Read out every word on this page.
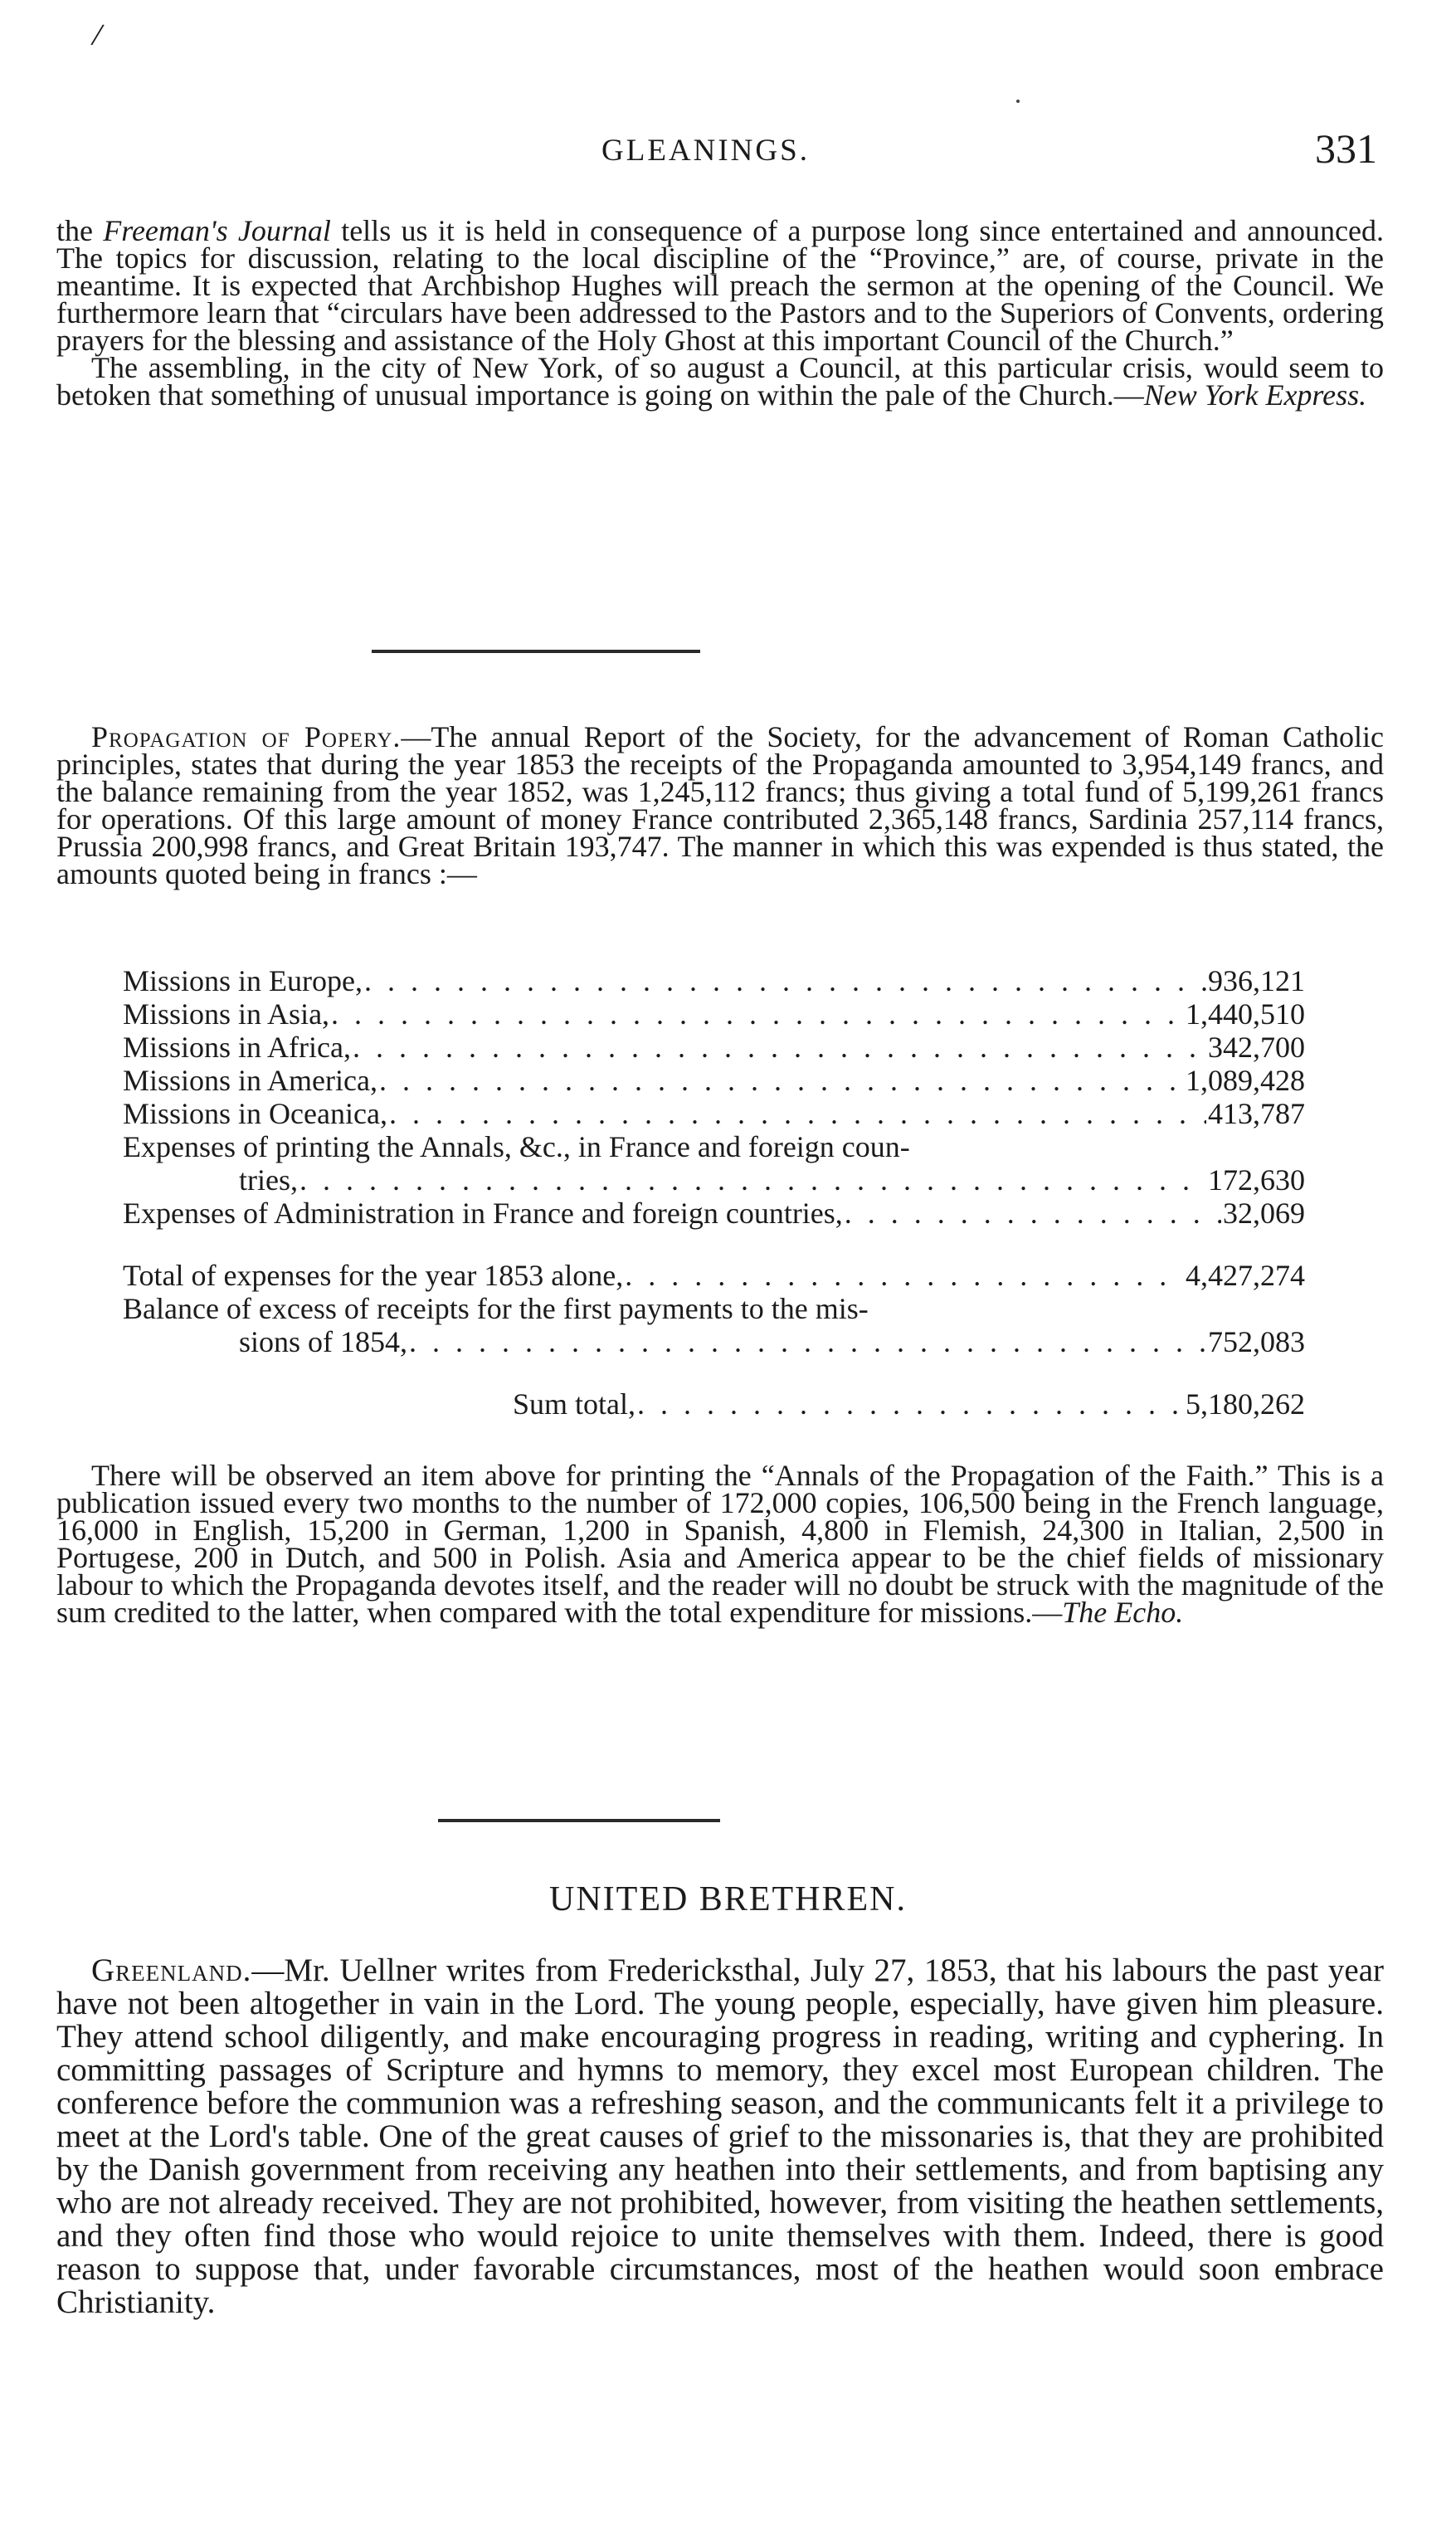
/
GLEANINGS.	331

the Freeman's Journal tells us it is held in consequence of a purpose long since entertained and announced. The topics for discussion, relating to the local discipline of the “Province,” are, of course, private in the meantime. It is expected that Archbishop Hughes will preach the sermon at the opening of the Council. We furthermore learn that “circulars have been addressed to the Pastors and to the Superiors of Convents, ordering prayers for the blessing and assistance of the Holy Ghost at this important Council of the Church.”

The assembling, in the city of New York, of so august a Council, at this particular crisis, would seem to betoken that something of unusual importance is going on within the pale of the Church.—New York Express.

Propagation of Popery.—The annual Report of the Society, for the advancement of Roman Catholic principles, states that during the year 1853 the receipts of the Propaganda amounted to 3,954,149 francs, and the balance remaining from the year 1852, was 1,245,112 francs; thus giving a total fund of 5,199,261 francs for operations. Of this large amount of money France contributed 2,365,148 francs, Sardinia 257,114 francs, Prussia 200,998 francs, and Great Britain 193,747. The manner in which this was expended is thus stated, the amounts quoted being in francs :—

Missions in Europe, . . .	936,121
Missions in Asia, . . .	1,440,510
Missions in Africa, . . .	342,700
Missions in America, . . .	1,089,428
Missions in Oceanica, . . .	413,787
Expenses of printing the Annals, &c., in France and foreign coun-
tries, . . .	172,630
Expenses of Administration in France and foreign countries, . . .	32,069
Total of expenses for the year 1853 alone, . . .	4,427,274
Balance of excess of receipts for the first payments to the mis-
sions of 1854, . . .	752,083
Sum total, . . .	5,180,262

There will be observed an item above for printing the “Annals of the Propagation of the Faith.” This is a publication issued every two months to the number of 172,000 copies, 106,500 being in the French language, 16,000 in English, 15,200 in German, 1,200 in Spanish, 4,800 in Flemish, 24,300 in Italian, 2,500 in Portugese, 200 in Dutch, and 500 in Polish. Asia and America appear to be the chief fields of missionary labour to which the Propaganda devotes itself, and the reader will no doubt be struck with the magnitude of the sum credited to the latter, when compared with the total expenditure for missions.—The Echo.

UNITED BRETHREN.

Greenland.—Mr. Uellner writes from Fredericksthal, July 27, 1853, that his labours the past year have not been altogether in vain in the Lord. The young people, especially, have given him pleasure. They attend school diligently, and make encouraging progress in reading, writing and cyphering. In committing passages of Scripture and hymns to memory, they excel most European children. The conference before the communion was a refreshing season, and the communicants felt it a privilege to meet at the Lord's table. One of the great causes of grief to the missonaries is, that they are prohibited by the Danish government from receiving any heathen into their settlements, and from baptising any who are not already received. They are not prohibited, however, from visiting the heathen settlements, and they often find those who would rejoice to unite themselves with them. Indeed, there is good reason to suppose that, under favorable circumstances, most of the heathen would soon embrace Christianity.
